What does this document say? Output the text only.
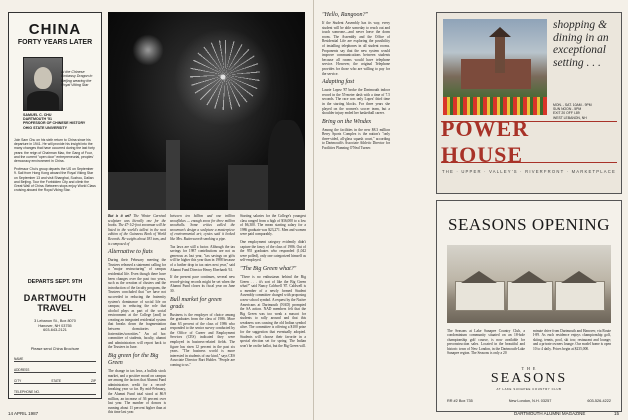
CHINA
FORTY YEARS LATER
At the Chinese Embassy Dragon in Beijing wearing the Royal Viking Star
SAMUEL C. CHU
DARTMOUTH '51
PROFESSOR OF CHINESE HISTORY
OHIO STATE UNIVERSITY

Join Sam Chu on his sixth return to China since his departure in 1941. He will provide his insight into the many changes that have occurred during the last forty years: the reign of Chairman Mao, the Gang of Four, and the current "open door" entrepreneurial, peoples' democracy environment in China.

Professor Chu's group departs the US on September 9. Sail from Hong Kong aboard the Royal Viking Star on September 13 and visit Shanghai, Suzhou, Dalian and Beijing. Tour the Forbidden City and climb the Great Wall of China. Between stops enjoy World Class cruising aboard the Royal Viking Star.

DEPARTS SEPT. 9TH
DARTMOUTH
TRAVEL
3 Lebanon St., Box 8070
Hanover, NH 03755
603-643-2121
Please send China Brochure
NAME
ADDRESS
CITY	STATE	ZIP
TELEPHONE NO.

But is it art? The Winter Carnival sculpture was literally one for the books. The 47-1/2-foot snowman will be listed in the world's tallest in the next edition of the Guinness Book of World Records. He weighs about 183 tons, and is composed of

Alternative to fiats

During their February meeting the Trustees released a statement calling for a "major restructuring" of campus residential life. Even though there have been changes over the past two years, such as the creation of clusters and the introduction of the faculty program, the Trustees concluded that "we have not succeeded in reducing the fraternity system's dominance of social life on campus; in reducing the role that alcohol plays as part of the social environment at the College [and] in creating an integrated residential system that breaks down the fragmentation between dormitories and fraternities/sororities." An ad hoc committee of students, faculty, alumni and administrators will report back to the Trustees in June.

Big green for the Big Green

The change in tax laws, a bullish stock market, and a positive mood on campus are among the factors that Alumni Fund administrators credit for a record-breaking year so far. By mid-February, the Alumni Fund total stood at $6.9 million, an increase of 36 percent over last year. The number of donors is running about 11 percent higher than at this time last year.

between ten billion and one trillion snowflakes — enough snow for three million snowballs. Some critics called the snowman's design a sculpture a masterpiece of environmental art; cynics said it looked like Mrs. Buttersworth smoking a pipe.

Tax laws are still a factor. Although the tax savings for 1987 contributions are not as generous as last year, "tax savings on gifts will be higher this year than in 1988 because of a further drop in tax rates next year," said Alumni Fund Director Henry Eberhardt '61.

If the present pace continues, several new record-giving records might be set when the Alumni Fund closes its fiscal year on June 30.

Bull market for green grads

Business is the employer of choice among the graduates from the class of 1986. More than 63 percent of the class of 1986 who responded to the senior survey conducted by the Office of Career and Employment Services (CES) indicated they were employed in business-related fields. The figure has risen 12 percent in the past six years. "The business world is more interested in students of our kind," says CES Associate Director Bart Hubler. "People are coming to us."

Starting salaries for the College's youngest class ranged from a high of $36,000 to a low of $6,300. The mean starting salary for a 1986 graduate was $23,271. Men and women were paid comparably.

One employment category evidently didn't capture the fancy of the class of 1986. Out of the 955 graduates who responded (1,042 were polled), only one categorized himself as self-employed.

"The Big Green what?"

"There is no enthusiasm behind the Big Green . . . it's sort of like the Big Green what?" said Nancy Caldwell '87. Caldwell is a member of a newly formed Student Assembly committee charged with proposing a new school symbol. A request by the Native Americans at Dartmouth (NAD) prompted the SA action. NAD members felt that the Big Green was too weak a mascot for students to rally around and that this weakness was causing the old Indian symbol alive. The committee is offering a $100 prize for the suggestion that eventually adopted. Students will choose their favorite in a special election set for spring. The Indian won't be on the ballot, but the Big Green will.

14 APRIL 1987
"Hello, Rangoon?"

If the Student Assembly has its way, every student will be able someday to reach out and touch someone—and never leave the dorm room. The Assembly and the Office of Residential Life are exploring the possibility of installing telephones in all student rooms. Proponents say that the new system would improve communications between students because all rooms would have telephone service. However, the original Telephone provides for those who are willing to pay for the service.

Adapting fast

Laurie Lopez '87 broke the Dartmouth indoor record in the 55-meter dash with a time of 7.5 seconds. The race was only Lopez' third time in the starting blocks. For three years she played on the women's soccer team, but a shoulder injury ended her basketball career.

Bring on the Windex

Among the facilities in the new $8.3 million Berry Sports Complex is the nation's "only three-sided, all-glass squash court," according to Dartmouth's Associate Athletic Director for Facilities Planning O'Neal Turner.

shopping & dining in an exceptional setting . . .
MON. - SAT. 10AM - 9PM
SUN NOON - 5PM
EXIT 20 OFF I-89
WEST LEBANON, NH
POWER HOUSE
THE · UPPER · VALLEY'S · RIVERFRONT · MARKETPLACE
SEASONS OPENING
The Seasons at Lake Sunapee Country Club, a condominium community situated on an 18-hole championship golf course, is now available for preconstruction sales. Located in the beautiful and historic town of New London, in the Dartmouth-Lake Sunapee region. The Seasons is only a 20
minute drive from Dartmouth and Hanover, via Route I-89. As each residence enjoys championship golf, skiing, tennis, pool, ski tow, restaurant and lounge; and a private owners lounge. Our model home is open 10 to 4 daily. Prices begin at $235,000.
T H E
SEASONS
AT LAKE SUNAPEE COUNTRY CLUB
RR #2 Box 735	New London, N.H. 03257	603-526-4222
DARTMOUTH ALUMNI MAGAZINE	15
